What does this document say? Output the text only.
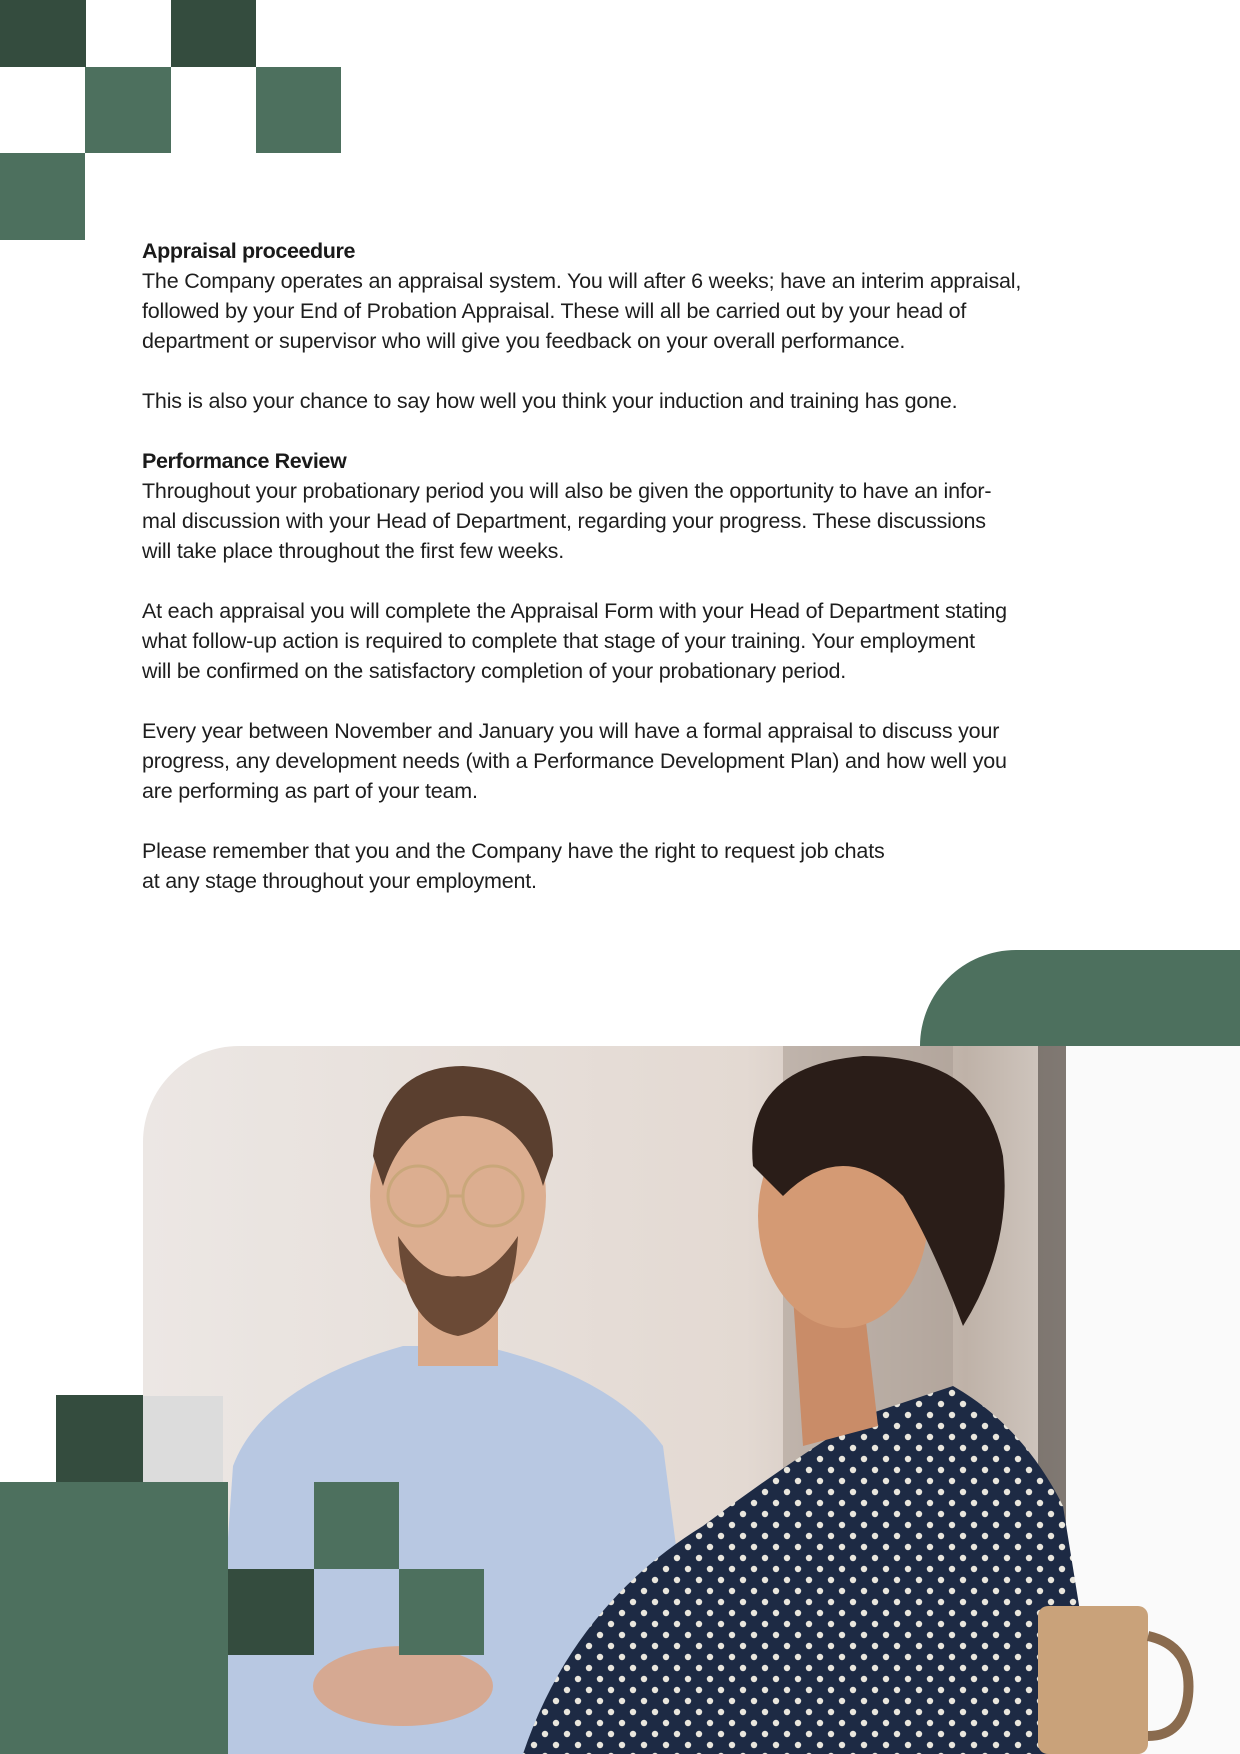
Appraisal proceedure

The Company operates an appraisal system. You will after 6 weeks; have an interim appraisal,
followed by your End of Probation Appraisal. These will all be carried out by your head of
department or supervisor who will give you feedback on your overall performance.

This is also your chance to say how well you think your induction and training has gone.

Performance Review

Throughout your probationary period you will also be given the opportunity to have an infor-
mal discussion with your Head of Department, regarding your progress. These discussions
will take place throughout the first few weeks.

At each appraisal you will complete the Appraisal Form with your Head of Department stating
what follow-up action is required to complete that stage of your training. Your employment
will be confirmed on the satisfactory completion of your probationary period.

Every year between November and January you will have a formal appraisal to discuss your
progress, any development needs (with a Performance Development Plan) and how well you
are performing as part of your team.

Please remember that you and the Company have the right to request job chats
at any stage throughout your employment.
